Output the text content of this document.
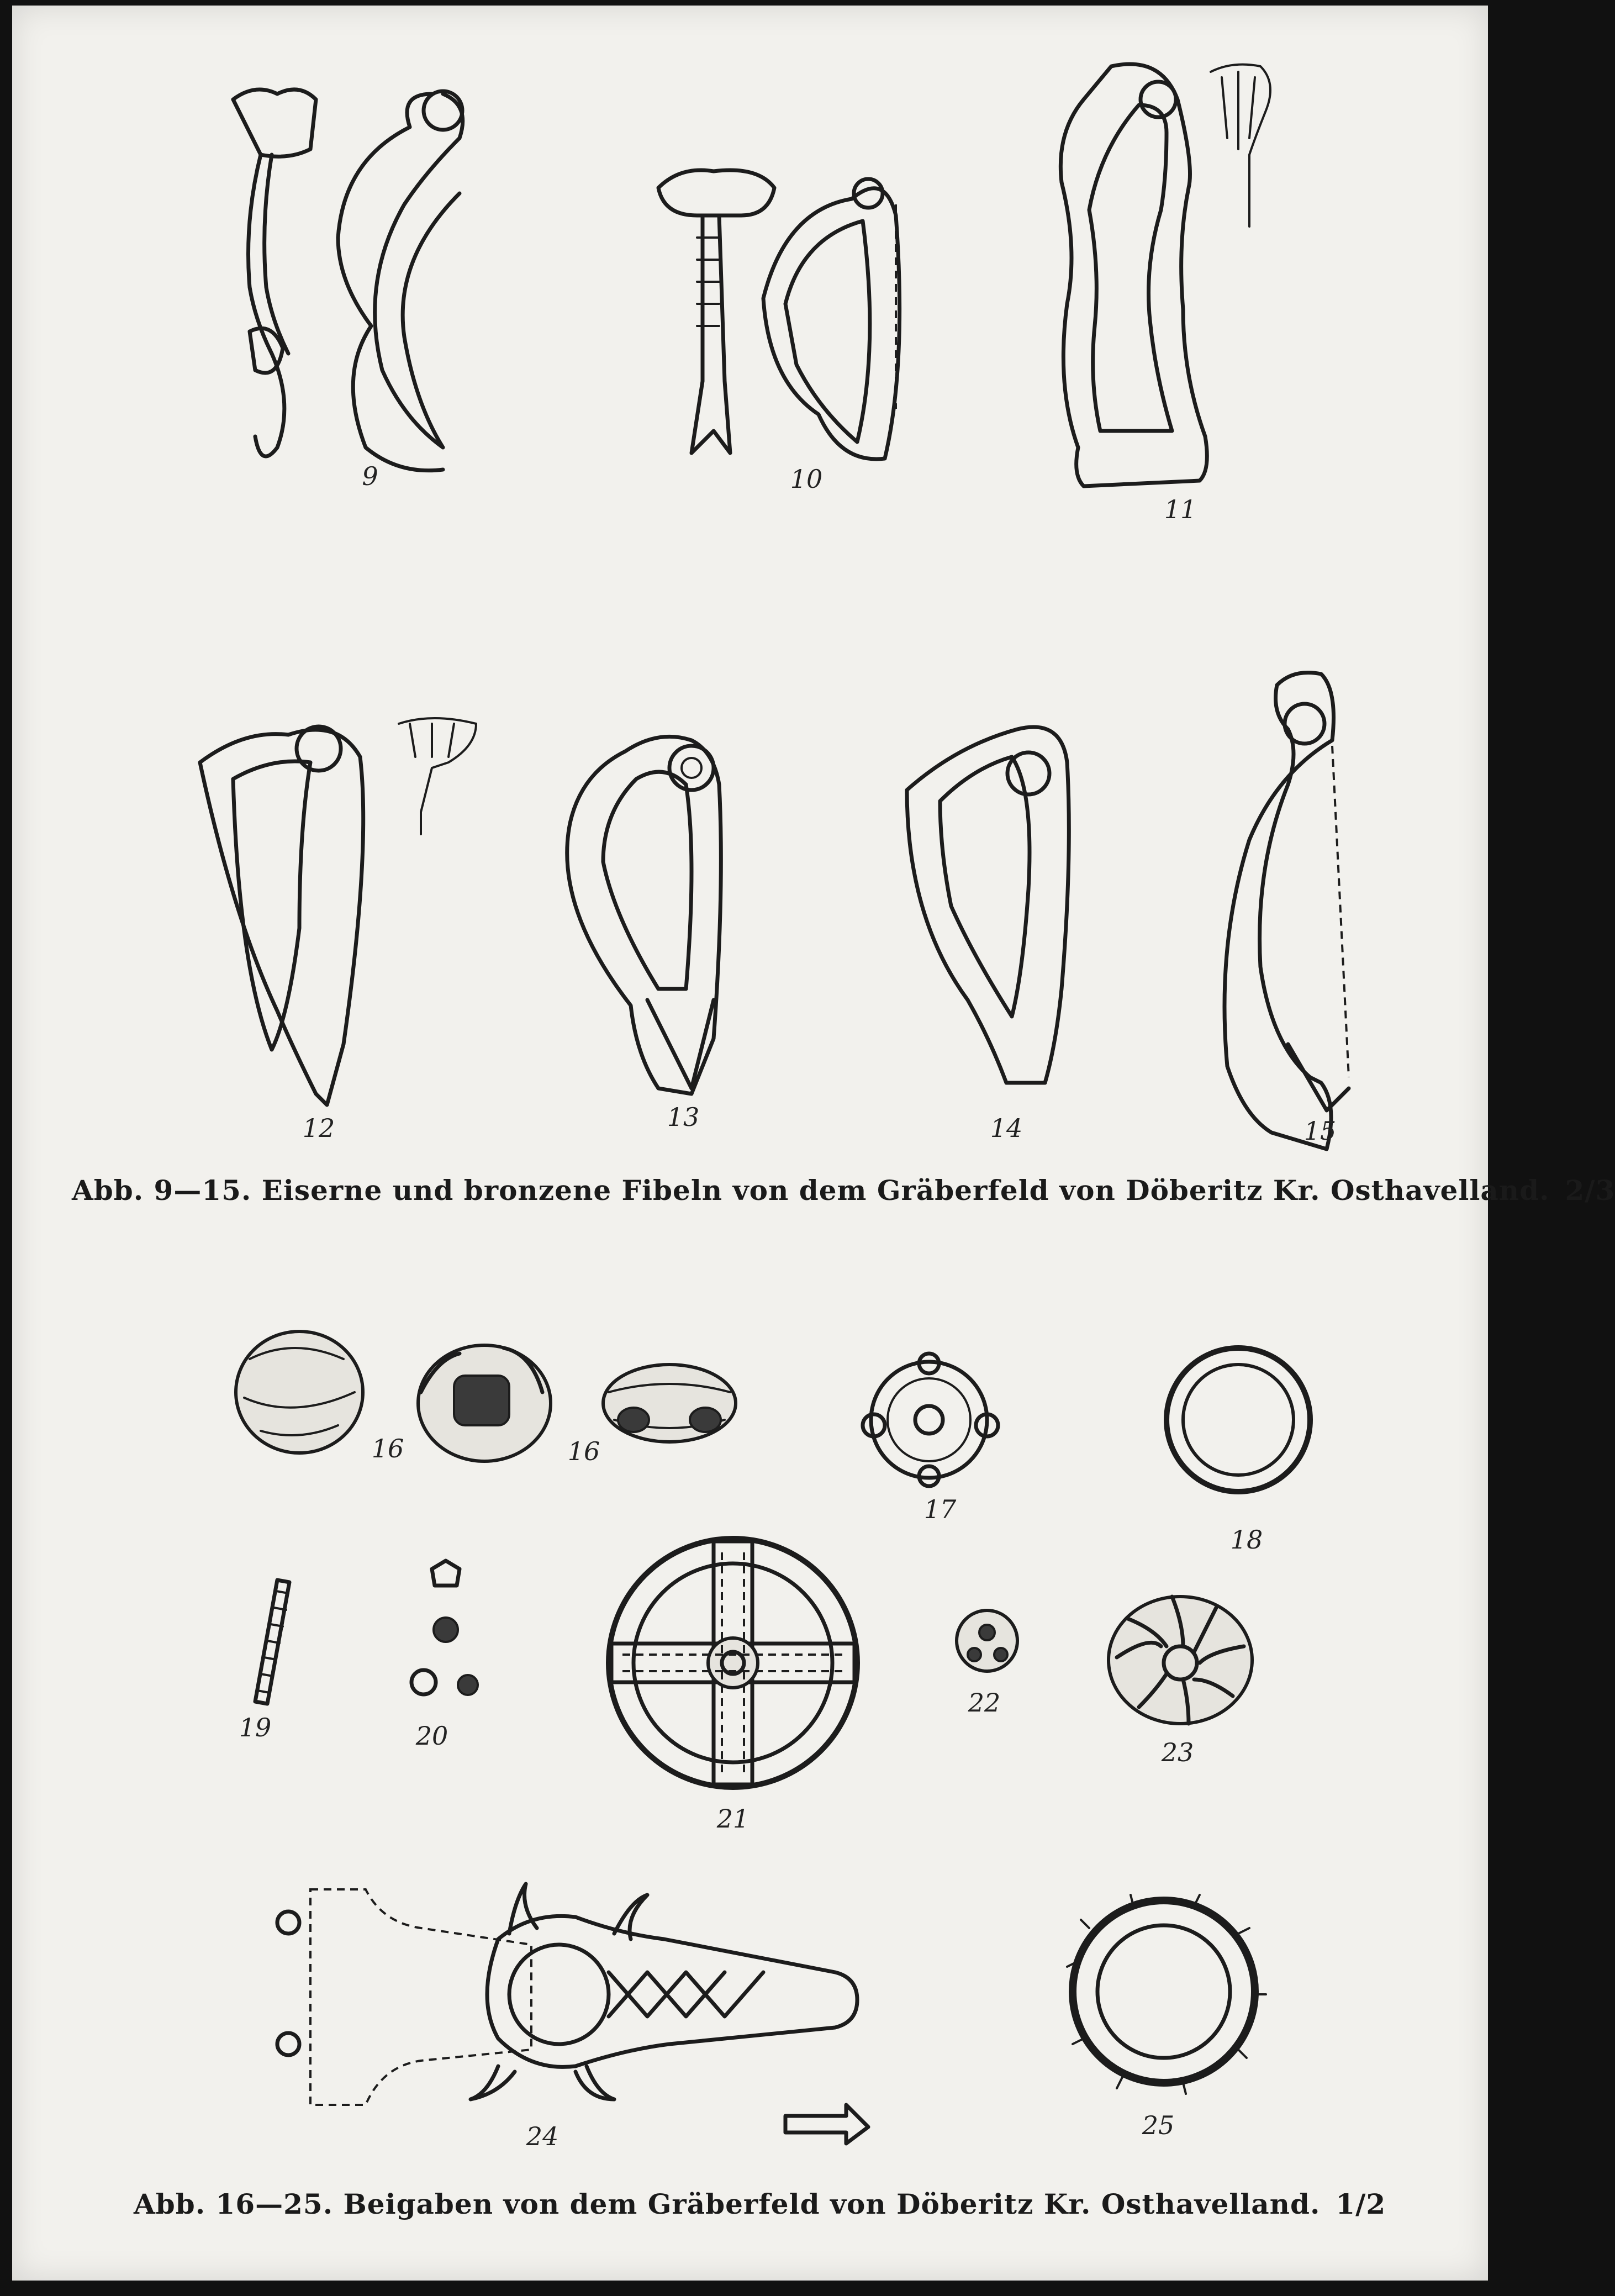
9	10
11
12	13	14	15
Abb. 9—15. Eiserne und bronzene Fibeln von dem Gräberfeld von Döberitz Kr. Osthavelland. 2/3
16	16
17
18
19	20
21
22
23
24	25
Abb. 16—25. Beigaben von dem Gräberfeld von Döberitz Kr. Osthavelland. 1/2
